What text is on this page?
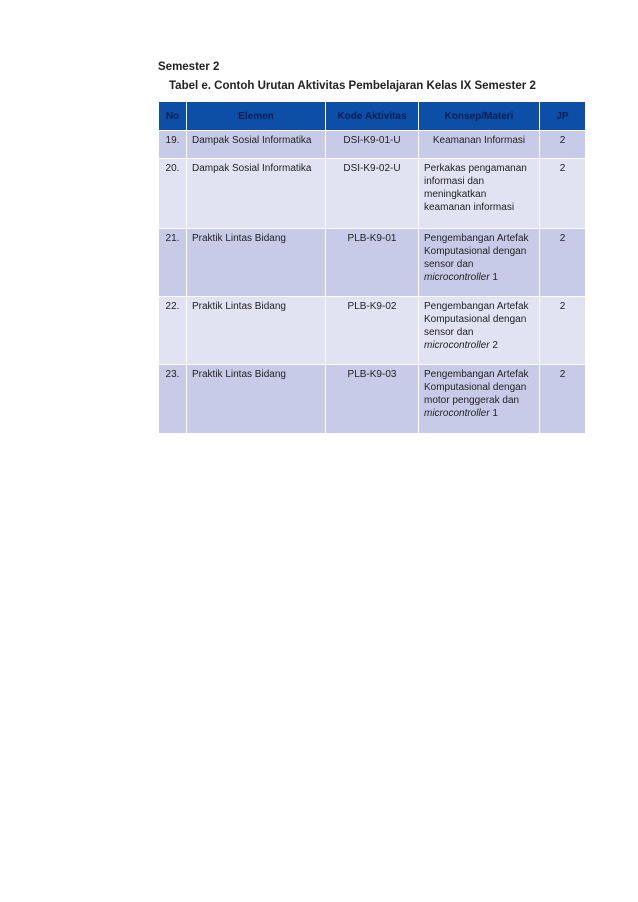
Semester 2
Tabel e. Contoh Urutan Aktivitas Pembelajaran Kelas IX Semester 2
No	Elemen	Kode Aktivitas	Konsep/Materi	JP
19.	Dampak Sosial Informatika	DSI-K9-01-U	Keamanan Informasi	2
20.	Dampak Sosial Informatika	DSI-K9-02-U	Perkakas pengamanan informasi dan meningkatkan keamanan informasi	2
21.	Praktik Lintas Bidang	PLB-K9-01	Pengembangan Artefak Komputasional dengan sensor dan microcontroller 1	2
22.	Praktik Lintas Bidang	PLB-K9-02	Pengembangan Artefak Komputasional dengan sensor dan microcontroller 2	2
23.	Praktik Lintas Bidang	PLB-K9-03	Pengembangan Artefak Komputasional dengan motor penggerak dan microcontroller 1	2
